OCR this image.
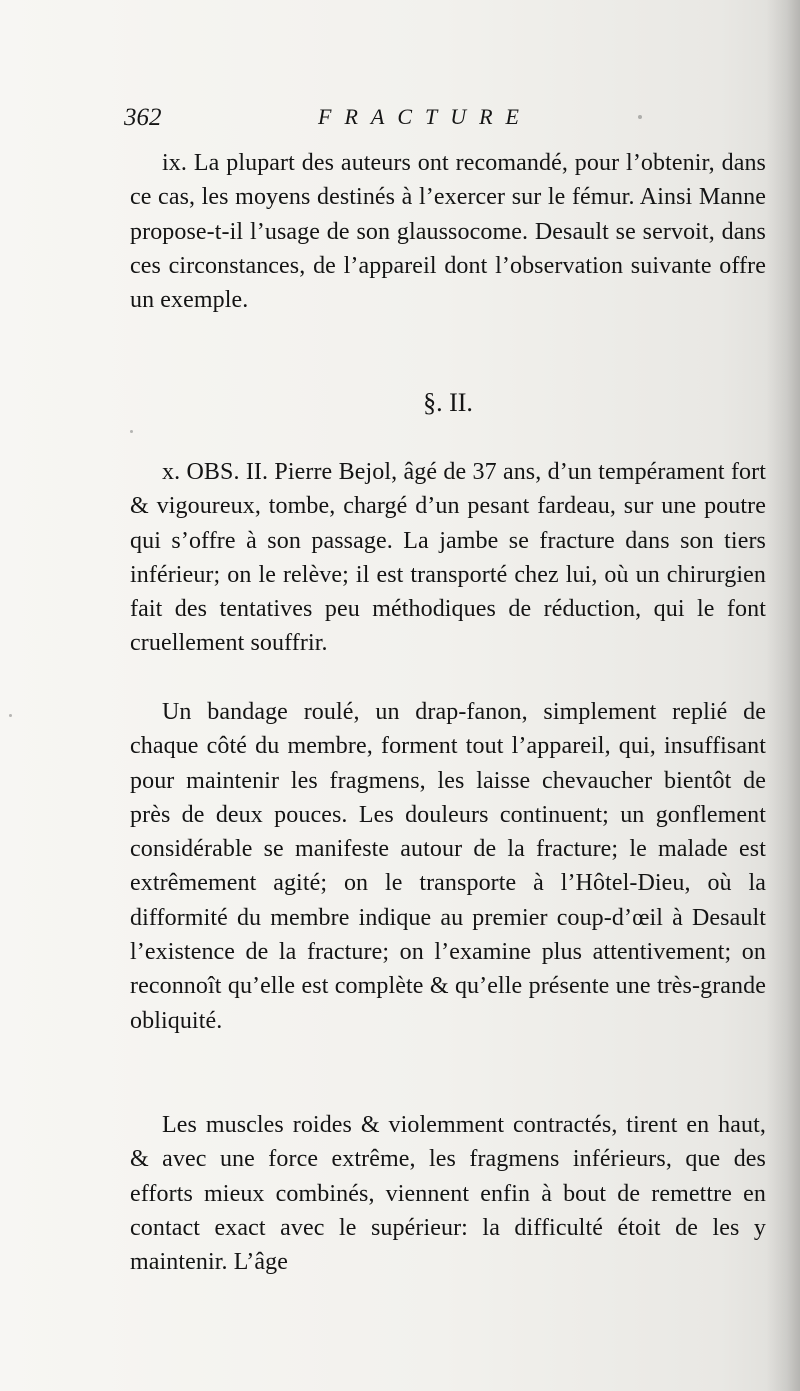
362	FRACTURE

ix. La plupart des auteurs ont recomandé, pour l’obtenir, dans ce cas, les moyens destinés à l’exercer sur le fémur. Ainsi Manne propose-t-il l’usage de son glaussocome. Desault se servoit, dans ces circonstances, de l’appareil dont l’observation suivante offre un exemple.

§. II.

x. OBS. II. Pierre Bejol, âgé de 37 ans, d’un tempérament fort & vigoureux, tombe, chargé d’un pesant fardeau, sur une poutre qui s’offre à son passage. La jambe se fracture dans son tiers inférieur; on le relève; il est transporté chez lui, où un chirurgien fait des tentatives peu méthodiques de réduction, qui le font cruellement souffrir.

Un bandage roulé, un drap-fanon, simplement replié de chaque côté du membre, forment tout l’appareil, qui, insuffisant pour maintenir les fragmens, les laisse chevaucher bientôt de près de deux pouces. Les douleurs continuent; un gonflement considérable se manifeste autour de la fracture; le malade est extrêmement agité; on le transporte à l’Hôtel-Dieu, où la difformité du membre indique au premier coup-d’œil à Desault l’existence de la fracture; on l’examine plus attentivement; on reconnoît qu’elle est complète & qu’elle présente une très-grande obliquité.

Les muscles roides & violemment contractés, tirent en haut, & avec une force extrême, les fragmens inférieurs, que des efforts mieux combinés, viennent enfin à bout de remettre en contact exact avec le supérieur: la difficulté étoit de les y maintenir. L’âge
